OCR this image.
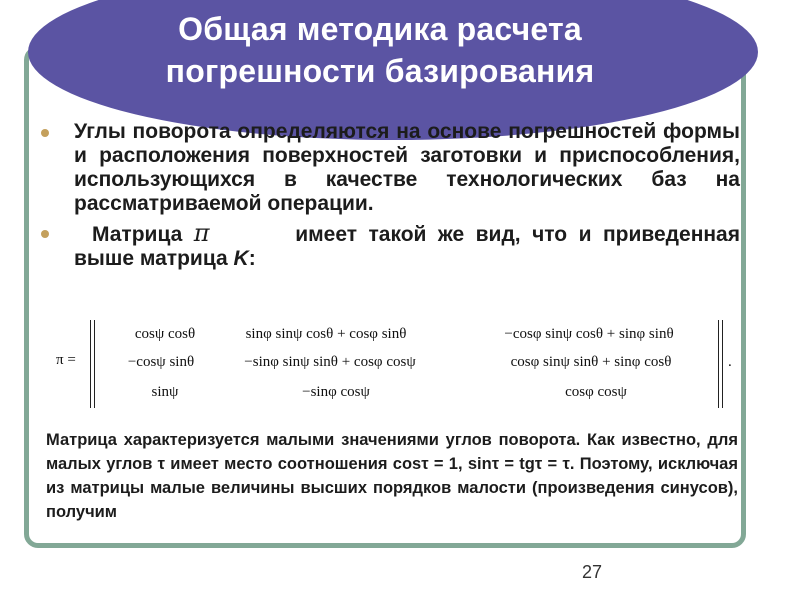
Общая методика расчета
погрешности базирования
Углы поворота определяются на основе погрешностей формы и расположения поверхностей заготовки и приспособления, использующихся в качестве технологических баз на рассматриваемой операции.
Матрица π	имеет такой же вид, что и приведенная выше матрица K:
π =
cosψ cosθ	sinφ sinψ cosθ + cosφ sinθ	−cosφ sinψ cosθ + sinφ sinθ
−cosψ sinθ	−sinφ sinψ sinθ + cosφ cosψ	cosφ sinψ sinθ + sinφ cosθ
sinψ	−sinφ cosψ	cosφ cosψ
.
Матрица характеризуется малыми значениями углов поворота. Как известно, для малых углов τ имеет место соотношения cosτ = 1, sinτ = tgτ = τ. Поэтому, исключая из матрицы малые величины высших порядков малости (произведения синусов), получим
27
